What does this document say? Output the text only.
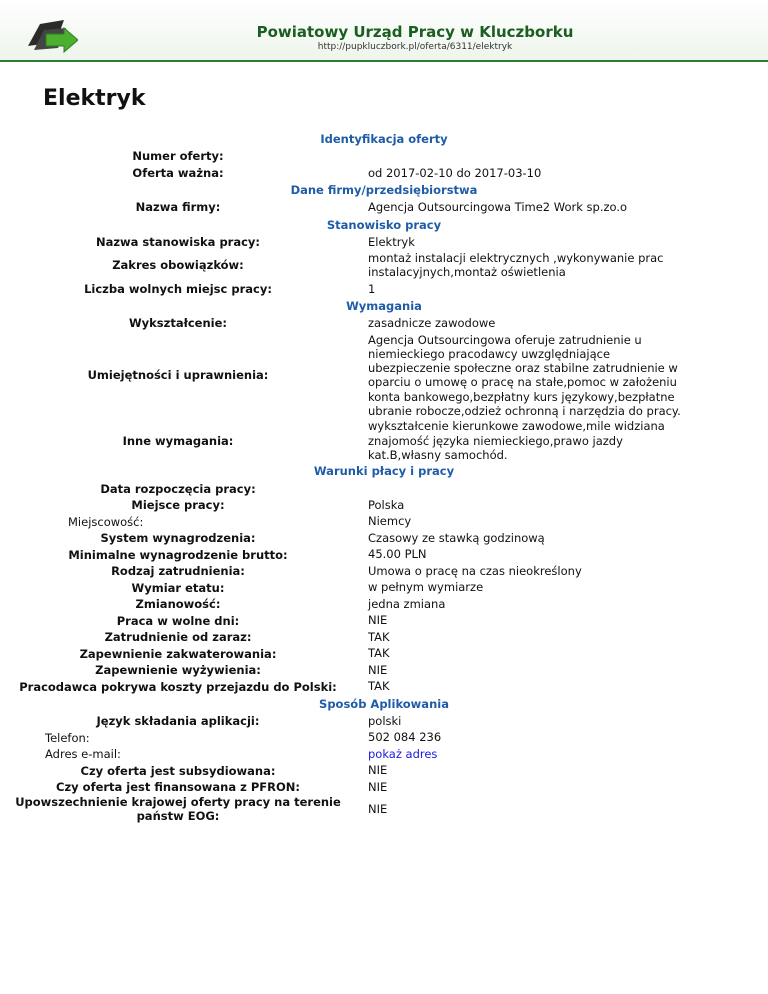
Powiatowy Urząd Pracy w Kluczborku
http://pupkluczbork.pl/oferta/6311/elektryk
Elektryk
Identyfikacja oferty
Numer oferty:
Oferta ważna:	od 2017-02-10 do 2017-03-10
Dane firmy/przedsiębiorstwa
Nazwa firmy:	Agencja Outsourcingowa Time2 Work sp.zo.o
Stanowisko pracy
Nazwa stanowiska pracy:	Elektryk
Zakres obowiązków:
montaż instalacji elektrycznych ,wykonywanie prac instalacyjnych,montaż oświetlenia
Liczba wolnych miejsc pracy:	1
Wymagania
Wykształcenie:	zasadnicze zawodowe
Umiejętności i uprawnienia:
Agencja Outsourcingowa oferuje zatrudnienie u niemieckiego pracodawcy uwzględniające ubezpieczenie społeczne oraz stabilne zatrudnienie w oparciu o umowę o pracę na stałe,pomoc w założeniu konta bankowego,bezpłatny kurs językowy,bezpłatne ubranie robocze,odzież ochronną i narzędzia do pracy.
Inne wymagania:
wykształcenie kierunkowe zawodowe,mile widziana znajomość języka niemieckiego,prawo jazdy kat.B,własny samochód.
Warunki płacy i pracy
Data rozpoczęcia pracy:
Miejsce pracy:	Polska
Miejscowość:	Niemcy
System wynagrodzenia:	Czasowy ze stawką godzinową
Minimalne wynagrodzenie brutto:	45.00 PLN
Rodzaj zatrudnienia:	Umowa o pracę na czas nieokreślony
Wymiar etatu:	w pełnym wymiarze
Zmianowość:	jedna zmiana
Praca w wolne dni:	NIE
Zatrudnienie od zaraz:	TAK
Zapewnienie zakwaterowania:	TAK
Zapewnienie wyżywienia:	NIE
Pracodawca pokrywa koszty przejazdu do Polski:	TAK
Sposób Aplikowania
Język składania aplikacji:	polski
Telefon:	502 084 236
Adres e-mail:	pokaż adres
Czy oferta jest subsydiowana:	NIE
Czy oferta jest finansowana z PFRON:	NIE
Upowszechnienie krajowej oferty pracy na terenie państw EOG:
NIE
